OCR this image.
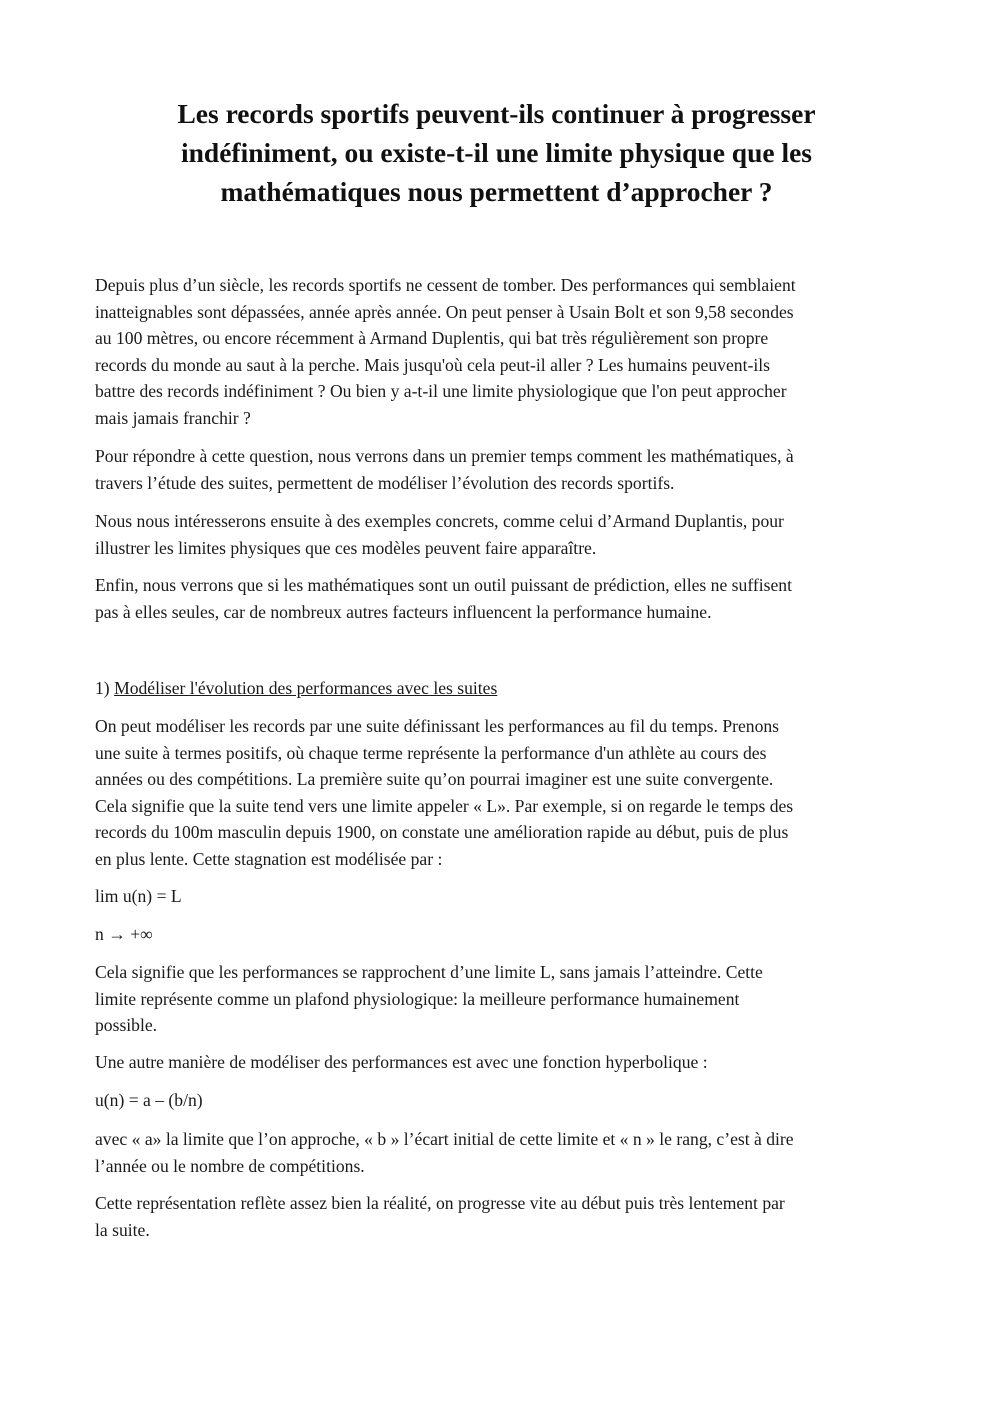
Les records sportifs peuvent-ils continuer à progresser
indéfiniment, ou existe-t-il une limite physique que les
mathématiques nous permettent d’approcher ?

Depuis plus d’un siècle, les records sportifs ne cessent de tomber. Des performances qui semblaient
inatteignables sont dépassées, année après année. On peut penser à Usain Bolt et son 9,58 secondes
au 100 mètres, ou encore récemment à Armand Duplentis, qui bat très régulièrement son propre
records du monde au saut à la perche. Mais jusqu'où cela peut-il aller ? Les humains peuvent-ils
battre des records indéfiniment ? Ou bien y a-t-il une limite physiologique que l'on peut approcher
mais jamais franchir ?

Pour répondre à cette question, nous verrons dans un premier temps comment les mathématiques, à
travers l’étude des suites, permettent de modéliser l’évolution des records sportifs.

Nous nous intéresserons ensuite à des exemples concrets, comme celui d’Armand Duplantis, pour
illustrer les limites physiques que ces modèles peuvent faire apparaître.

Enfin, nous verrons que si les mathématiques sont un outil puissant de prédiction, elles ne suffisent
pas à elles seules, car de nombreux autres facteurs influencent la performance humaine.

1) Modéliser l'évolution des performances avec les suites

On peut modéliser les records par une suite définissant les performances au fil du temps. Prenons
une suite à termes positifs, où chaque terme représente la performance d'un athlète au cours des
années ou des compétitions. La première suite qu’on pourrai imaginer est une suite convergente.
Cela signifie que la suite tend vers une limite appeler « L». Par exemple, si on regarde le temps des
records du 100m masculin depuis 1900, on constate une amélioration rapide au début, puis de plus
en plus lente. Cette stagnation est modélisée par :

lim u(n) = L

n → +∞

Cela signifie que les performances se rapprochent d’une limite L, sans jamais l’atteindre. Cette
limite représente comme un plafond physiologique: la meilleure performance humainement
possible.

Une autre manière de modéliser des performances est avec une fonction hyperbolique :

u(n) = a – (b/n)

avec « a» la limite que l’on approche, « b » l’écart initial de cette limite et « n » le rang, c’est à dire
l’année ou le nombre de compétitions.

Cette représentation reflète assez bien la réalité, on progresse vite au début puis très lentement par
la suite.
